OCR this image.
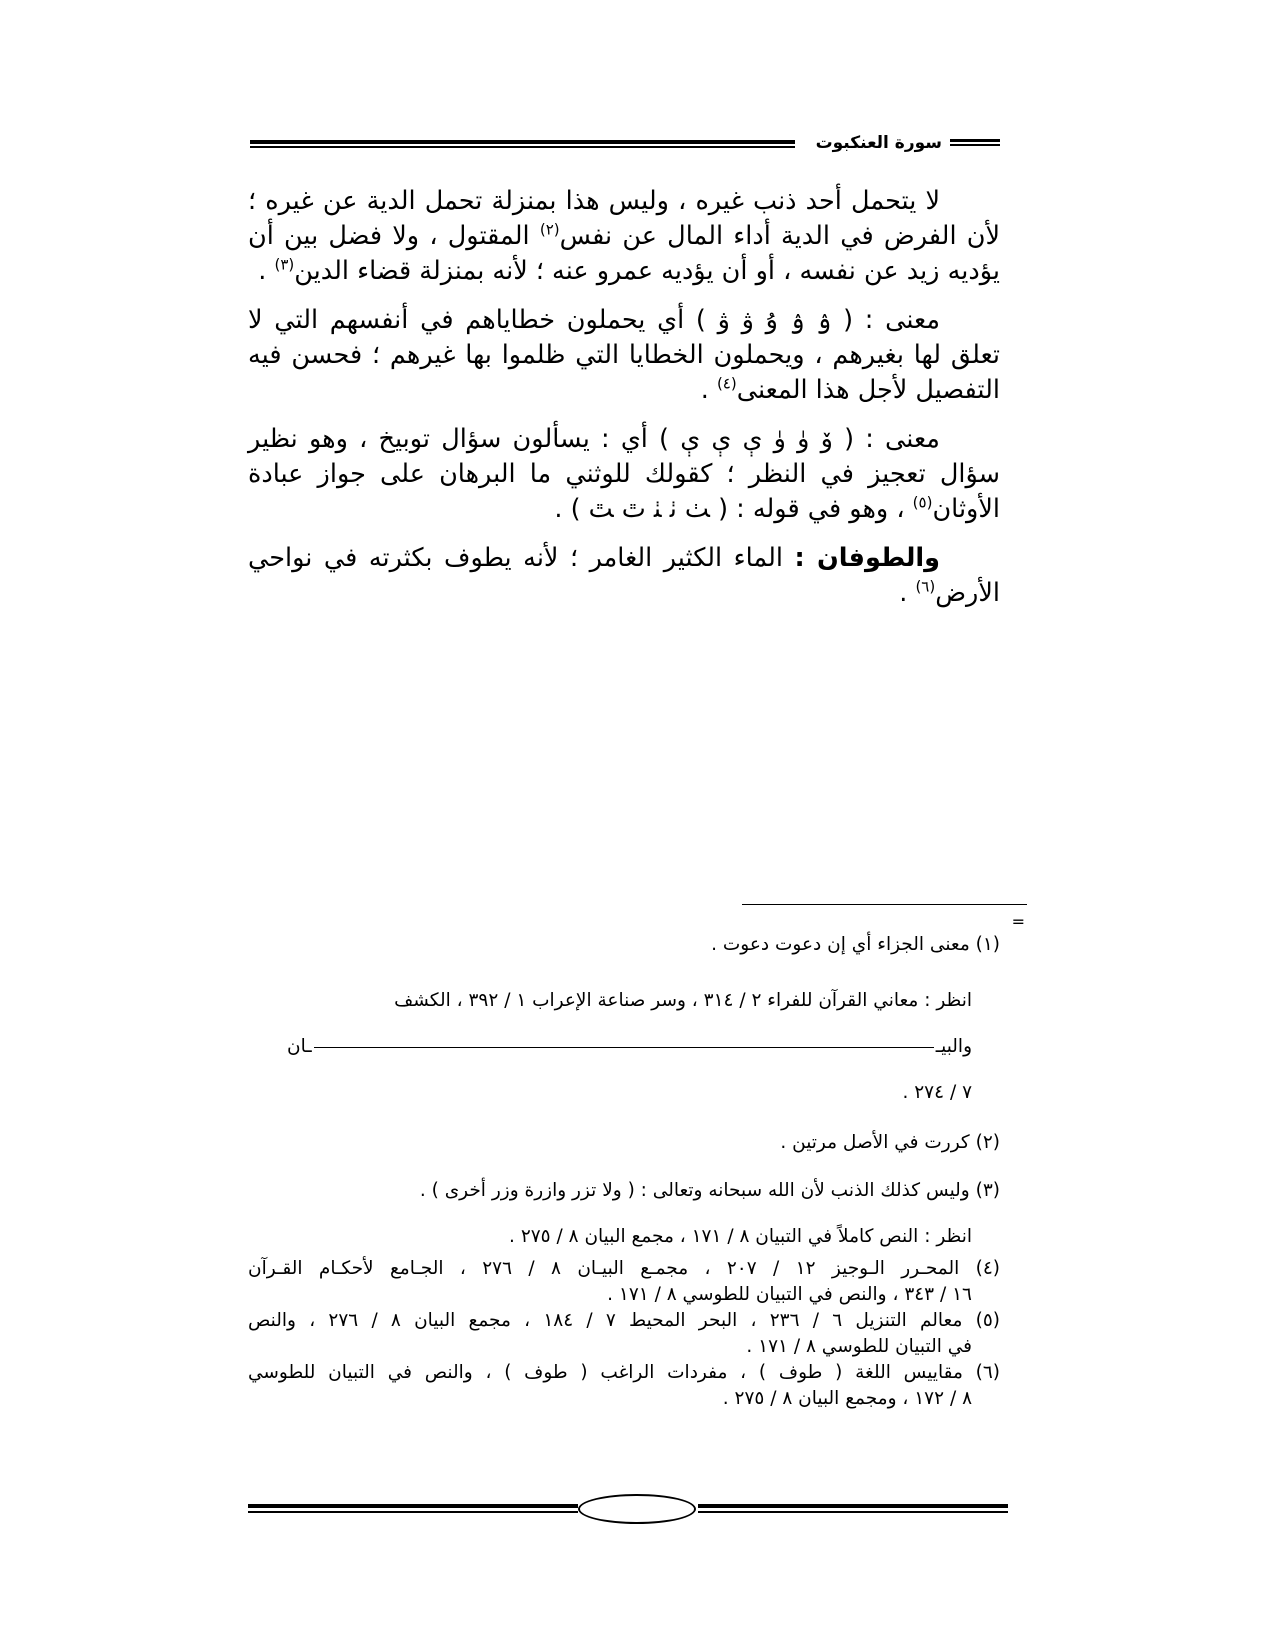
سورة العنكبوت

لا يتحمل أحد ذنب غيره ، وليس هذا بمنزلة تحمل الدية عن غيره ؛ لأن الفرض في الدية أداء المال عن نفس$^{(٢)}$ المقتول ، ولا فضل بين أن يؤديه زيد عن نفسه ، أو أن يؤديه عمرو عنه ؛ لأنه بمنزلة قضاء الدين$^{(٣)}$ .

معنى : ( ۉ ۉ ۇ ۋ ۋ ) أي يحملون خطاياهم في أنفسهم التي لا تعلق لها بغيرهم ، ويحملون الخطايا التي ظلموا بها غيرهم ؛ فحسن فيه التفصيل لأجل هذا المعنى$^{(٤)}$ .

معنى : ( ۆ ۈ ۈ ې ې ې ) أي : يسألون سؤال توبيخ ، وهو نظير سؤال تعجيز في النظر ؛ كقولك للوثني ما البرهان على جواز عبادة الأوثان$^{(٥)}$ ، وهو في قوله : ( ﭟ ﭠ ﭡ ﭢ ﭣ ) .

والطوفان : الماء الكثير الغامر ؛ لأنه يطوف بكثرته في نواحي الأرض$^{(٦)}$ .

=

(١) معنى الجزاء أي إن دعوت دعوت .

انظر : معاني القرآن للفراء ٢ / ٣١٤ ، وسر صناعة الإعراب ١ / ٣٩٢ ، الكشف

والبيــان

٧ / ٢٧٤ .

(٢) كررت في الأصل مرتين .

(٣) وليس كذلك الذنب لأن الله سبحانه وتعالى : ( ولا تزر وازرة وزر أخرى ) .

انظر : النص كاملاً في التبيان ٨ / ١٧١ ، مجمع البيان ٨ / ٢٧٥ .

(٤) المحـرر الـوجيز ١٢ / ٢٠٧ ، مجمـع البيـان ٨ / ٢٧٦ ، الجـامع لأحكـام القـرآن

١٦ / ٣٤٣ ، والنص في التبيان للطوسي ٨ / ١٧١ .

(٥) معالم التنزيل ٦ / ٢٣٦ ، البحر المحيط ٧ / ١٨٤ ، مجمع البيان ٨ / ٢٧٦ ، والنص

في التبيان للطوسي ٨ / ١٧١ .

(٦) مقاييس اللغة ( طوف ) ، مفردات الراغب ( طوف ) ، والنص في التبيان للطوسي

٨ / ١٧٢ ، ومجمع البيان ٨ / ٢٧٥ .
